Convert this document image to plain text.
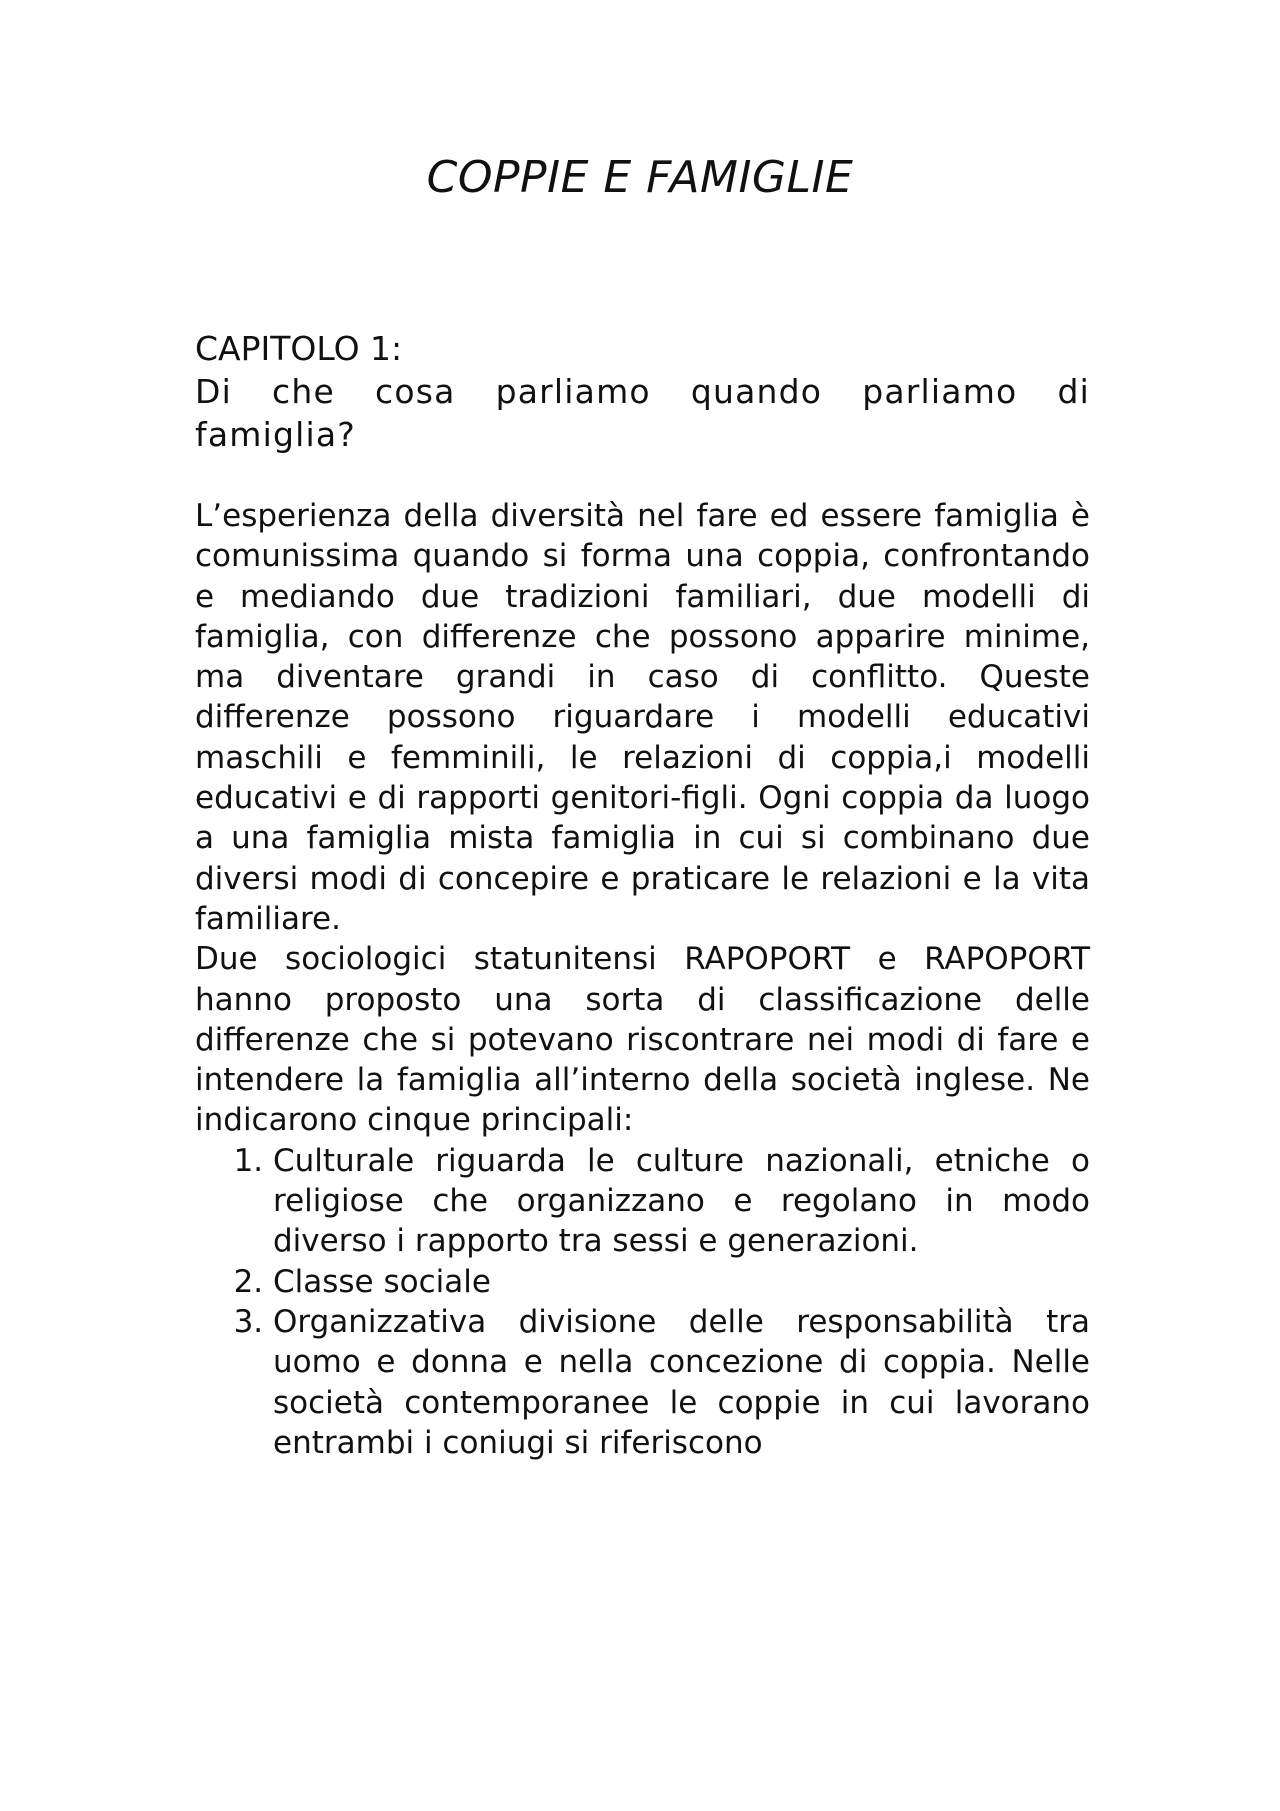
COPPIE E FAMIGLIE
CAPITOLO 1:
Di che cosa parliamo quando parliamo di famiglia?

L’esperienza della diversità nel fare ed essere famiglia è comunissima quando si forma una coppia, confrontando e mediando due tradizioni familiari, due modelli di famiglia, con differenze che possono apparire minime, ma diventare grandi in caso di conflitto. Queste differenze possono riguardare i modelli educativi maschili e femminili, le relazioni di coppia,i modelli educativi e di rapporti genitori-figli. Ogni coppia da luogo a una famiglia mista famiglia in cui si combinano due diversi modi di concepire e praticare le relazioni e la vita familiare.

Due sociologici statunitensi RAPOPORT e RAPOPORT hanno proposto una sorta di classificazione delle differenze che si potevano riscontrare nei modi di fare e intendere la famiglia all’interno della società inglese. Ne indicarono cinque principali:

1. Culturale riguarda le culture nazionali, etniche o religiose che organizzano e regolano in modo diverso i rapporto tra sessi e generazioni.
2. Classe sociale
3. Organizzativa divisione delle responsabilità tra uomo e donna e nella concezione di coppia. Nelle società contemporanee le coppie in cui lavorano entrambi i coniugi si riferiscono
